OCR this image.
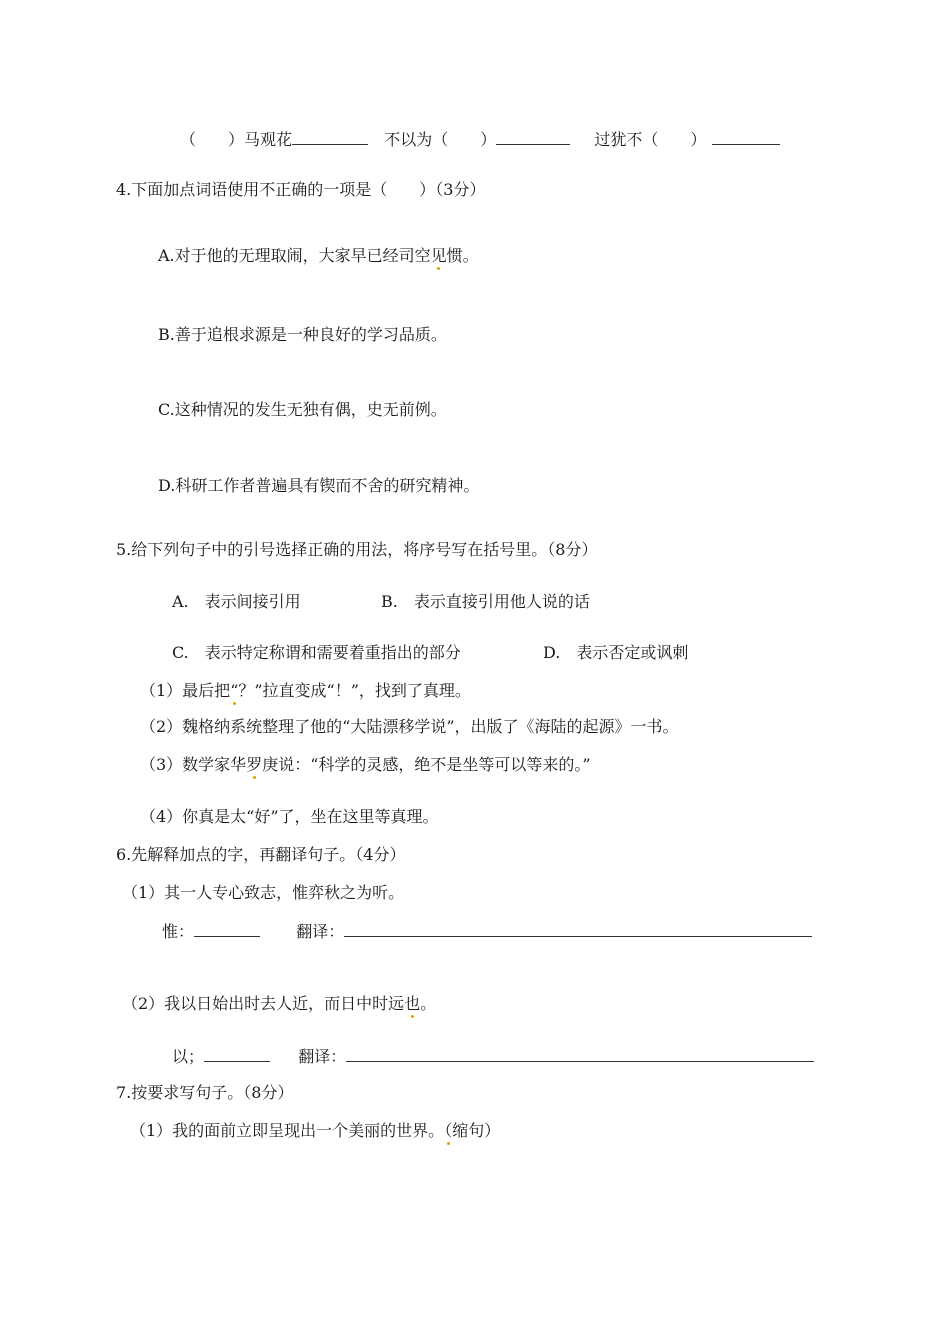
（　　）马观花	不以为（　　）	过犹不（　　）
4.下面加点词语使用不正确的一项是（　　）（3分）
A.对于他的无理取闹，大家早已经司空见惯。
B.善于追根求源是一种良好的学习品质。
C.这种情况的发生无独有偶，史无前例。
D.科研工作者普遍具有锲而不舍的研究精神。
5.给下列句子中的引号选择正确的用法，将序号写在括号里。（8分）
A.　表示间接引用	B.　表示直接引用他人说的话
C.　表示特定称谓和需要着重指出的部分	D.　表示否定或讽刺
（1）最后把“？”拉直变成“！”，找到了真理。
（2）魏格纳系统整理了他的“大陆漂移学说”，出版了《海陆的起源》一书。
（3）数学家华罗庚说：“科学的灵感，绝不是坐等可以等来的。”
（4）你真是太“好”了，坐在这里等真理。
6.先解释加点的字，再翻译句子。（4分）
（1）其一人专心致志，惟弈秋之为听。
惟：	翻译：
（2）我以日始出时去人近，而日中时远也。
以；	翻译：
7.按要求写句子。（8分）
（1）我的面前立即呈现出一个美丽的世界。（缩句）
